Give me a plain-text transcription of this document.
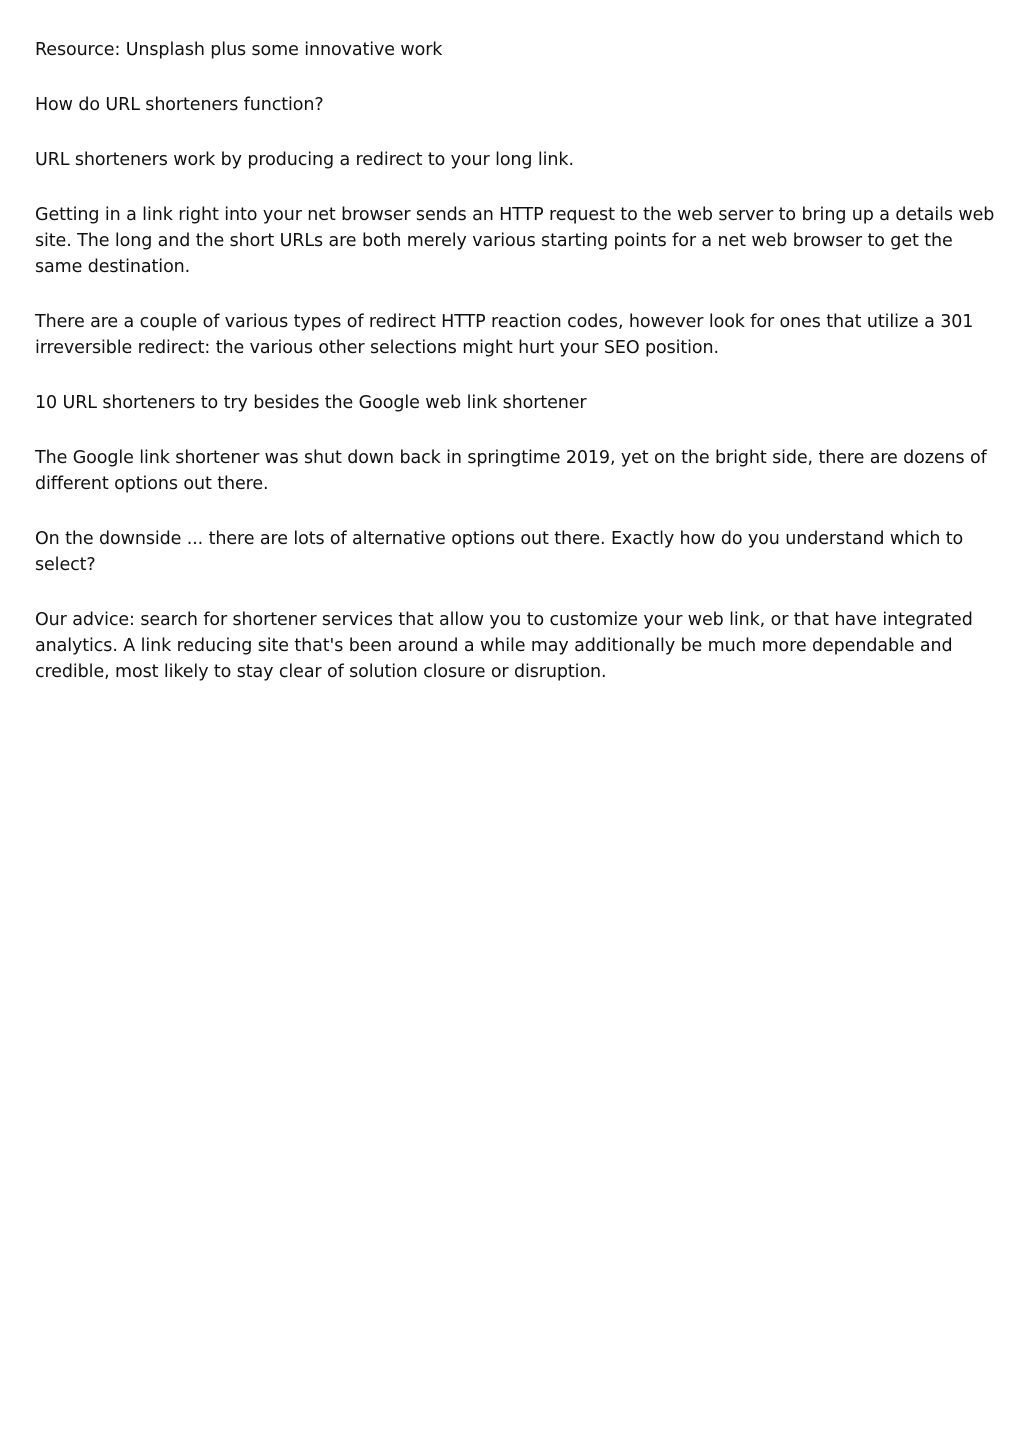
Resource: Unsplash plus some innovative work

How do URL shorteners function?

URL shorteners work by producing a redirect to your long link.

Getting in a link right into your net browser sends an HTTP request to the web server to bring up a details web site. The long and the short URLs are both merely various starting points for a net web browser to get the same destination.

There are a couple of various types of redirect HTTP reaction codes, however look for ones that utilize a 301 irreversible redirect: the various other selections might hurt your SEO position.

10 URL shorteners to try besides the Google web link shortener

The Google link shortener was shut down back in springtime 2019, yet on the bright side, there are dozens of different options out there.

On the downside ... there are lots of alternative options out there. Exactly how do you understand which to select?

Our advice: search for shortener services that allow you to customize your web link, or that have integrated analytics. A link reducing site that's been around a while may additionally be much more dependable and credible, most likely to stay clear of solution closure or disruption.
